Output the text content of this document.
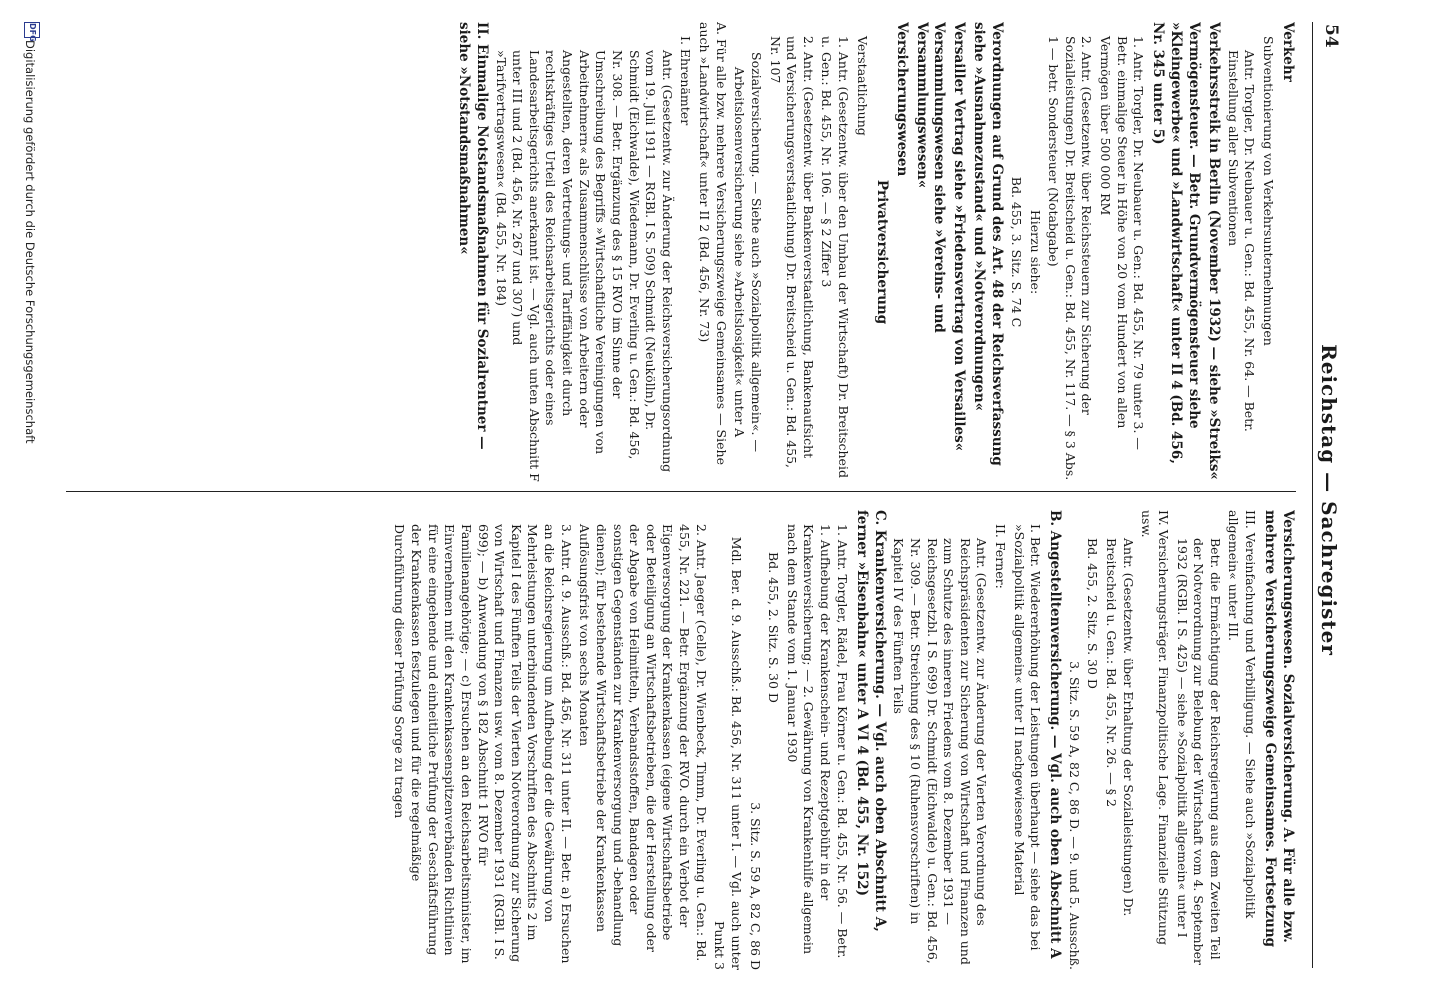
54
Reichstag — Sachregister

Verkehr

Subventionierung von Verkehrsunternehmungen

Antr. Torgler, Dr. Neubauer u. Gen.: Bd. 455, Nr. 64. — Betr. Einstellung aller Subventionen

Verkehrsstreik in Berlin (November 1932) — siehe »Streiks«

Vermögensteuer. — Betr. Grundvermögensteuer siehe »Kleingewerbe« und »Landwirtschaft« unter II 4 (Bd. 456, Nr. 345 unter 5)

1. Antr. Torgler, Dr. Neubauer u. Gen.: Bd. 455, Nr. 79 unter 3. — Betr. einmalige Steuer in Höhe von 20 vom Hundert von allen Vermögen über 500 000 RM

2. Antr. (Gesetzentw. über Reichssteuern zur Sicherung der Sozialleistungen) Dr. Breitscheid u. Gen.: Bd. 455, Nr. 117. — § 3 Abs. 1 — betr. Sondersteuer (Notabgabe)

Hierzu siehe:

Bd. 455, 3. Sitz. S. 74 C

Verordnungen auf Grund des Art. 48 der Reichsverfassung siehe »Ausnahmezustand« und »Notverordnungen«

Versailler Vertrag siehe »Friedensvertrag von Versailles«

Versammlungswesen siehe »Vereins- und Versammlungswesen«

Versicherungswesen

Privatversicherung

Verstaatlichung

1. Antr. (Gesetzentw. über den Umbau der Wirtschaft) Dr. Breitscheid u. Gen.: Bd. 455, Nr. 106. — § 2 Ziffer 3

2. Antr. (Gesetzentw. über Bankenverstaatlichung, Bankenaufsicht und Versicherungsverstaatlichung) Dr. Breitscheid u. Gen.: Bd. 455, Nr. 107

Sozialversicherung. — Siehe auch »Sozialpolitik allgemein«. — Arbeitslosenversicherung siehe »Arbeitslosigkeit« unter A

A. Für alle bzw. mehrere Versicherungszweige Gemeinsames — Siehe auch »Landwirtschaft« unter II 2 (Bd. 456, Nr. 73)

I. Ehrenämter

Antr. (Gesetzentw. zur Änderung der Reichsversicherungsordnung vom 19. Juli 1911 — RGBl. I S. 509) Schmidt (Neukölln), Dr. Schmidt (Eichwalde), Wiedemann, Dr. Everling u. Gen.: Bd. 456, Nr. 308. — Betr. Ergänzung des § 15 RVO im Sinne der Umschreibung des Begriffs »Wirtschaftliche Vereinigungen von Arbeitnehmern« als Zusammenschlüsse von Arbeitern oder Angestellten, deren Vertretungs- und Tariffähigkeit durch rechtskräftiges Urteil des Reichsarbeitsgerichts oder eines Landesarbeitsgerichts anerkannt ist. — Vgl. auch unten Abschnitt F unter III und 2 (Bd. 456, Nr. 267 und 307) und »Tarifvertragswesen« (Bd. 455, Nr. 184)

II. Einmalige Notstandsmaßnahmen für Sozialrentner — siehe »Notstandsmaßnahmen«

Versicherungswesen. Sozialversicherung. A. Für alle bzw. mehrere Versicherungszweige Gemeinsames. Fortsetzung

III. Vereinfachung und Verbilligung. — Siehe auch »Sozialpolitik allgemein« unter III.

Betr. die Ermächtigung der Reichsregierung aus dem Zweiten Teil der Notverordnung zur Belebung der Wirtschaft vom 4. September 1932 (RGBl. I S. 425) — siehe »Sozialpolitik allgemein« unter I

IV. Versicherungsträger. Finanzpolitische Lage. Finanzielle Stützung usw.

Antr. (Gesetzentw. über Erhaltung der Sozialleistungen) Dr. Breitscheid u. Gen.: Bd. 455, Nr. 26. — § 2

Bd. 455, 2. Sitz. S. 30 D

3. Sitz. S. 59 A, 82 C, 86 D. — 9. und 5. Ausschß.

B. Angestelltenversicherung. — Vgl. auch oben Abschnitt A

I. Betr. Wiedererhöhung der Leistungen überhaupt — siehe das bei »Sozialpolitik allgemein« unter II nachgewiesene Material

II. Ferner:

Antr. (Gesetzentw. zur Änderung der Vierten Verordnung des Reichspräsidenten zur Sicherung von Wirtschaft und Finanzen und zum Schutze des inneren Friedens vom 8. Dezember 1931 — Reichsgesetzbl. I S. 699) Dr. Schmidt (Eichwalde) u. Gen.: Bd. 456, Nr. 309. — Betr. Streichung des § 10 (Ruhensvorschriften) in Kapitel IV des Fünften Teils

C. Krankenversicherung. — Vgl. auch oben Abschnitt A, ferner »Eisenbahn« unter A VI 4 (Bd. 455, Nr. 152)

1. Antr. Torgler, Rädel, Frau Körner u. Gen.: Bd. 455, Nr. 56. — Betr. 1. Aufhebung der Krankenschein- und Rezeptgebühr in der Krankenversicherung; — 2. Gewährung von Krankenhilfe allgemein nach dem Stande vom 1. Januar 1930

Bd. 455, 2. Sitz. S. 30 D

3. Sitz. S. 59 A, 82 C, 86 D

Mdl. Ber. d. 9. Ausschß.: Bd. 456, Nr. 311 unter I. — Vgl. auch unter Punkt 3

2. Antr. Jaeger (Celle), Dr. Wienbeck, Timm, Dr. Everling u. Gen.: Bd. 455, Nr. 221. — Betr. Ergänzung der RVO. durch ein Verbot der Eigenversorgung der Krankenkassen (eigene Wirtschaftsbetriebe oder Beteiligung an Wirtschaftsbetrieben, die der Herstellung oder der Abgabe von Heilmitteln, Verbandsstoffen, Bandagen oder sonstigen Gegenständen zur Krankenversorgung und -behandlung dienen); für bestehende Wirtschaftsbetriebe der Krankenkassen Auflösungsfrist von sechs Monaten

3. Antr. d. 9. Ausschß.: Bd. 456, Nr. 311 unter II. — Betr. a) Ersuchen an die Reichsregierung um Aufhebung der die Gewährung von Mehrleistungen unterbindenden Vorschriften des Abschnitts 2 im Kapitel I des Fünften Teils der Vierten Notverordnung zur Sicherung von Wirtschaft und Finanzen usw. vom 8. Dezember 1931 (RGBl. I S. 699); — b) Anwendung von § 182 Abschnitt 1 RVO für Familienangehörige; — c) Ersuchen an den Reichsarbeitsminister, im Einvernehmen mit den Krankenkassenspitzenverbänden Richtlinien für eine eingehende und einheitliche Prüfung der Geschäftsführung der Krankenkassen festzulegen und für die regelmäßige Durchführung dieser Prüfung Sorge zu tragen

DFG
Digitalisierung gefördert durch die Deutsche Forschungsgemeinschaft
